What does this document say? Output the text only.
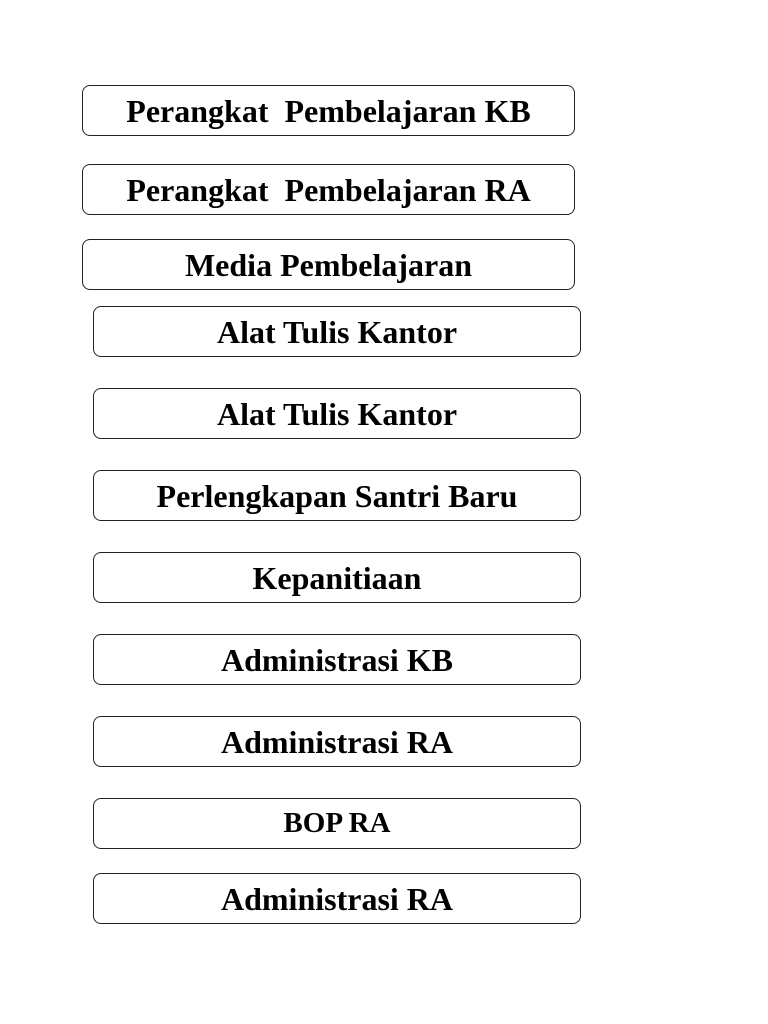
Perangkat  Pembelajaran KB
Perangkat  Pembelajaran RA
Media Pembelajaran
Alat Tulis Kantor
Alat Tulis Kantor
Perlengkapan Santri Baru
Kepanitiaan
Administrasi KB
Administrasi RA
BOP RA
Administrasi RA
